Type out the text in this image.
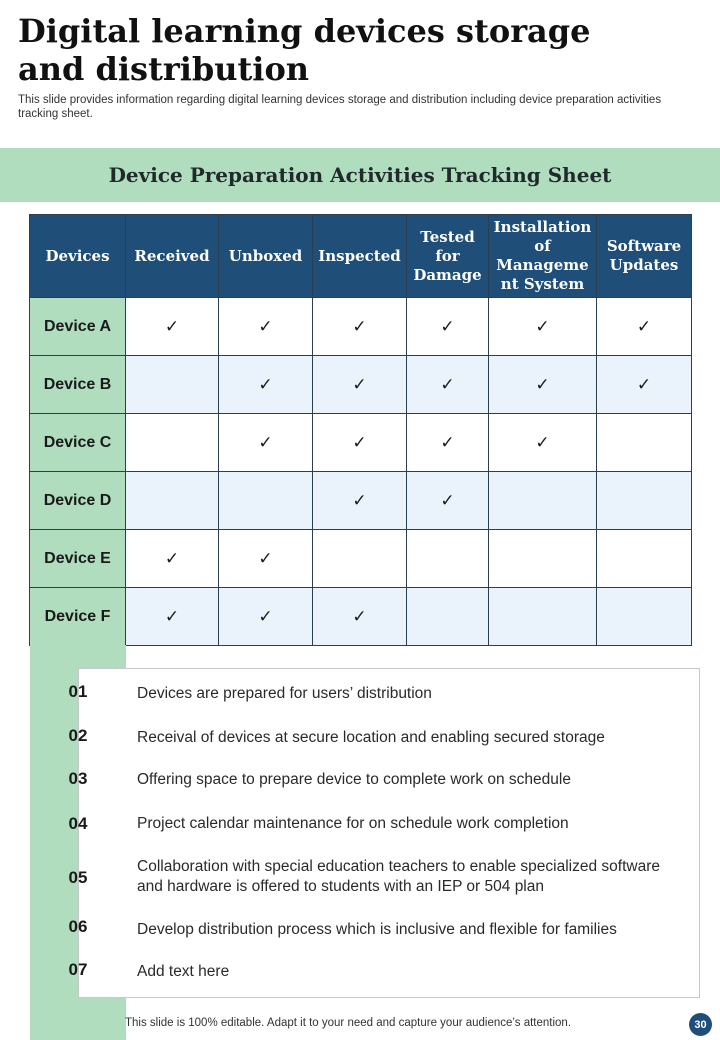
Digital learning devices storage and distribution

This slide provides information regarding digital learning devices storage and distribution including device preparation activities tracking sheet.

Device Preparation Activities Tracking Sheet
Devices	Received	Unboxed	Inspected	Tested for Damage	Installation of Manageme nt System	Software Updates
Device A	✓	✓	✓	✓	✓	✓
Device B		✓	✓	✓	✓	✓
Device C		✓	✓	✓	✓	
Device D			✓	✓		
Device E	✓	✓				
Device F	✓	✓	✓			
01	Devices are prepared for users’ distribution
02	Receival of devices at secure location and enabling secured storage
03	Offering space to prepare device to complete work on schedule
04	Project calendar maintenance for on schedule work completion
05
Collaboration with special education teachers to enable specialized software and hardware is offered to students with an IEP or 504 plan
06	Develop distribution process which is inclusive and flexible for families
07	Add text here
This slide is 100% editable. Adapt it to your need and capture your audience’s attention.	30
